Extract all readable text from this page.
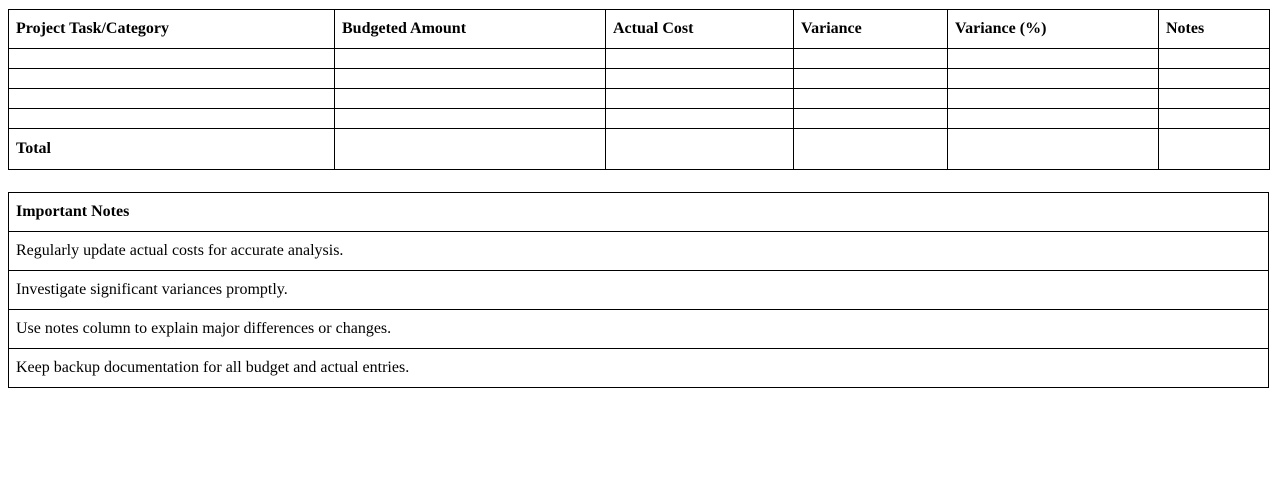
Project Task/Category	Budgeted Amount	Actual Cost	Variance	Variance (%)	Notes

Total					
Important Notes
Regularly update actual costs for accurate analysis.
Investigate significant variances promptly.
Use notes column to explain major differences or changes.
Keep backup documentation for all budget and actual entries.
